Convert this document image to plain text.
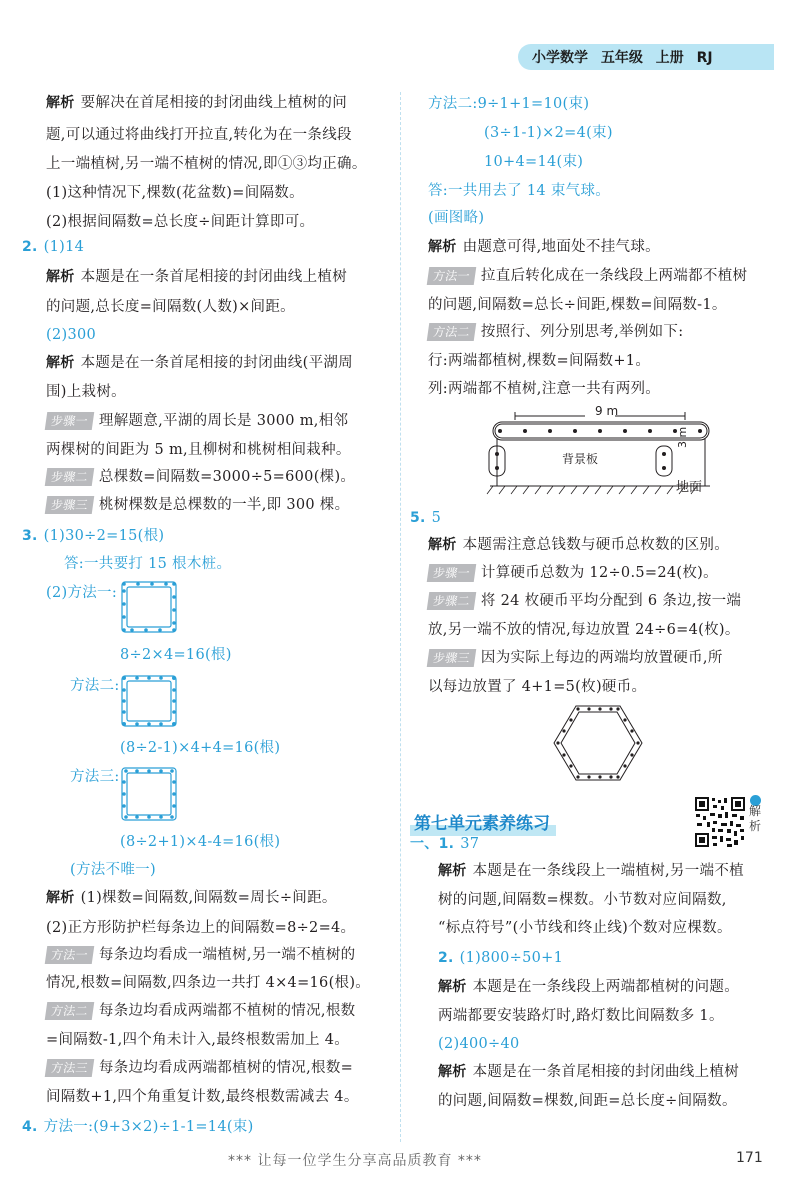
小学数学 五年级 上册 RJ
解析 要解决在首尾相接的封闭曲线上植树的问
题,可以通过将曲线打开拉直,转化为在一条线段
上一端植树,另一端不植树的情况,即①③均正确。
(1)这种情况下,棵数(花盆数)=间隔数。
(2)根据间隔数=总长度÷间距计算即可。
2. (1)14
解析 本题是在一条首尾相接的封闭曲线上植树
的问题,总长度=间隔数(人数)×间距。
(2)300
解析 本题是在一条首尾相接的封闭曲线(平湖周
围)上栽树。
步骤一 理解题意,平湖的周长是 3000 m,相邻
两棵树的间距为 5 m,且柳树和桃树相间栽种。
步骤二 总棵数=间隔数=3000÷5=600(棵)。
步骤三 桃树棵数是总棵数的一半,即 300 棵。
3. (1)30÷2=15(根)
答:一共要打 15 根木桩。
(2)方法一:
8÷2×4=16(根)
方法二:
(8÷2-1)×4+4=16(根)
方法三:
(8÷2+1)×4-4=16(根)
(方法不唯一)
解析 (1)棵数=间隔数,间隔数=周长÷间距。
(2)正方形防护栏每条边上的间隔数=8÷2=4。
方法一 每条边均看成一端植树,另一端不植树的
情况,根数=间隔数,四条边一共打 4×4=16(根)。
方法二 每条边均看成两端都不植树的情况,根数
=间隔数-1,四个角未计入,最终根数需加上 4。
方法三 每条边均看成两端都植树的情况,根数=
间隔数+1,四个角重复计数,最终根数需减去 4。
4. 方法一:(9+3×2)÷1-1=14(束)
方法二:9÷1+1=10(束)
(3÷1-1)×2=4(束)
10+4=14(束)
答:一共用去了 14 束气球。
(画图略)
解析 由题意可得,地面处不挂气球。
方法一 拉直后转化成在一条线段上两端都不植树
的问题,间隔数=总长÷间距,棵数=间隔数-1。
方法二 按照行、列分别思考,举例如下:
行:两端都植树,棵数=间隔数+1。
列:两端都不植树,注意一共有两列。
9 m
背景板
3 m
地面
5. 5
解析 本题需注意总钱数与硬币总枚数的区别。
步骤一 计算硬币总数为 12÷0.5=24(枚)。
步骤二 将 24 枚硬币平均分配到 6 条边,按一端
放,另一端不放的情况,每边放置 24÷6=4(枚)。
步骤三 因为实际上每边的两端均放置硬币,所
以每边放置了 4+1=5(枚)硬币。
第七单元素养练习
解析
一、1. 37
解析 本题是在一条线段上一端植树,另一端不植
树的问题,间隔数=棵数。小节数对应间隔数,
“标点符号”(小节线和终止线)个数对应棵数。
2. (1)800÷50+1
解析 本题是在一条线段上两端都植树的问题。
两端都要安装路灯时,路灯数比间隔数多 1。
(2)400÷40
解析 本题是在一条首尾相接的封闭曲线上植树
的问题,间隔数=棵数,间距=总长度÷间隔数。
*** 让每一位学生分享高品质教育 ***	171
